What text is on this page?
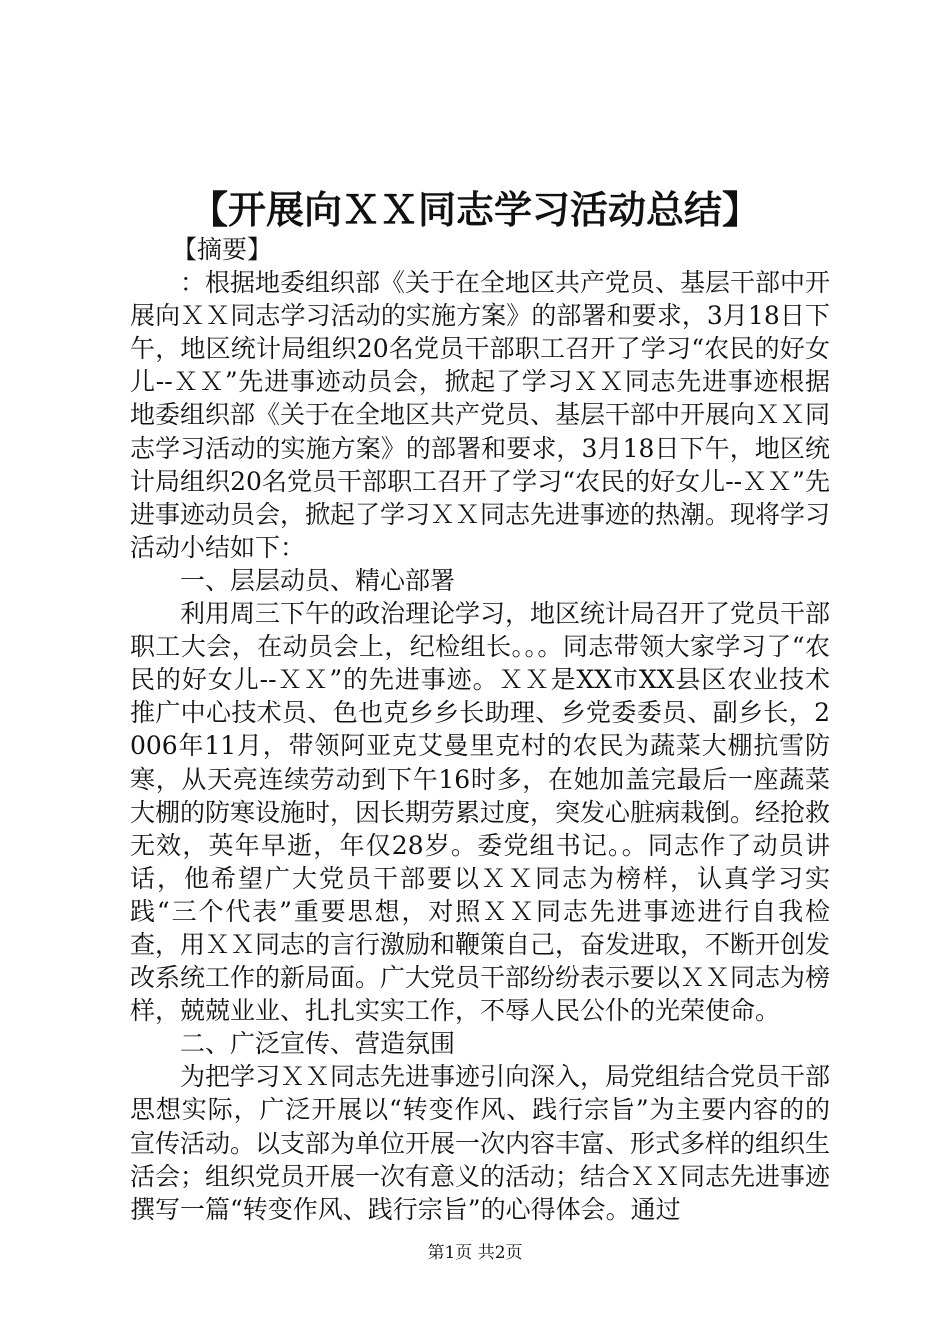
【开展向ＸＸ同志学习活动总结】

【摘要】

：根据地委组织部《关于在全地区共产党员、基层干部中开展向ＸＸ同志学习活动的实施方案》的部署和要求，3月18日下午，地区统计局组织20名党员干部职工召开了学习“农民的好女儿--ＸＸ”先进事迹动员会，掀起了学习ＸＸ同志先进事迹根据地委组织部《关于在全地区共产党员、基层干部中开展向ＸＸ同志学习活动的实施方案》的部署和要求，3月18日下午，地区统计局组织20名党员干部职工召开了学习“农民的好女儿--ＸＸ”先进事迹动员会，掀起了学习ＸＸ同志先进事迹的热潮。现将学习活动小结如下：

一、层层动员、精心部署

利用周三下午的政治理论学习，地区统计局召开了党员干部职工大会，在动员会上，纪检组长。。。同志带领大家学习了“农民的好女儿--ＸＸ”的先进事迹。ＸＸ是XX市XX县区农业技术推广中心技术员、色也克乡乡长助理、乡党委委员、副乡长，2006年11月，带领阿亚克艾曼里克村的农民为蔬菜大棚抗雪防寒，从天亮连续劳动到下午16时多，在她加盖完最后一座蔬菜大棚的防寒设施时，因长期劳累过度，突发心脏病栽倒。经抢救无效，英年早逝，年仅28岁。委党组书记。。同志作了动员讲话，他希望广大党员干部要以ＸＸ同志为榜样，认真学习实践“三个代表”重要思想，对照ＸＸ同志先进事迹进行自我检查，用ＸＸ同志的言行激励和鞭策自己，奋发进取，不断开创发改系统工作的新局面。广大党员干部纷纷表示要以ＸＸ同志为榜样，兢兢业业、扎扎实实工作，不辱人民公仆的光荣使命。

二、广泛宣传、营造氛围

为把学习ＸＸ同志先进事迹引向深入，局党组结合党员干部思想实际，广泛开展以“转变作风、践行宗旨”为主要内容的的宣传活动。以支部为单位开展一次内容丰富、形式多样的组织生活会；组织党员开展一次有意义的活动；结合ＸＸ同志先进事迹撰写一篇“转变作风、践行宗旨”的心得体会。通过

第1页 共2页
